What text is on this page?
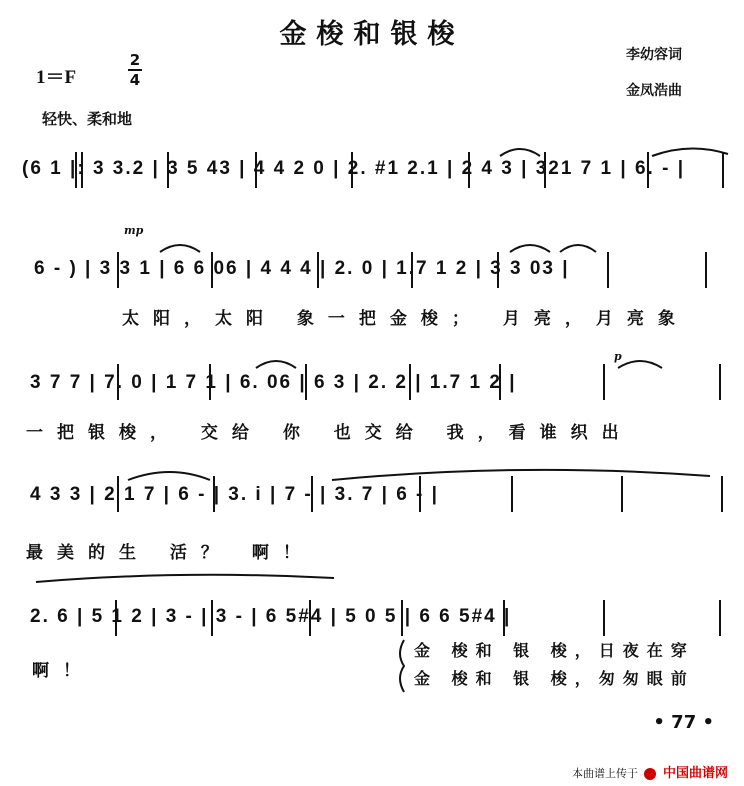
金梭和银梭
李幼容词
金凤浩曲
1＝F
2
4
轻快、柔和地
(6 1 |: 3 3.2 | 3 5 43 | 4 4 2 0 | 2. #1 2.1 | 2 4 3 | 321 7 1 | 6. - |
mp
6 - ) | 3 3 1 | 6 6 06 | 4 4 4 | 2. 0 | 1.7 1 2 | 3 3 03 |
太阳，太阳 象一把金梭； 月亮，月亮象
p
3 7 7 | 7. 0 | 1 7 1 | 6. 06 | 6 3 | 2. 2 | 1.7 1 2 |
一把银梭， 交给 你 也交给 我，看谁织出
4 3 3 | 2 1 7 | 6 - | 3. i | 7 - | 3. 7 | 6 - |
最美的生 活？ 啊！
2. 6 | 5 1 2 | 3 - | 3 - | 6 5#4 | 5 0 5 | 6 6 5#4 |
啊！
金 梭和 银 梭，日夜在穿
金 梭和 银 梭，匆匆眼前
• 77 •
本曲谱上传于 中国曲谱网
